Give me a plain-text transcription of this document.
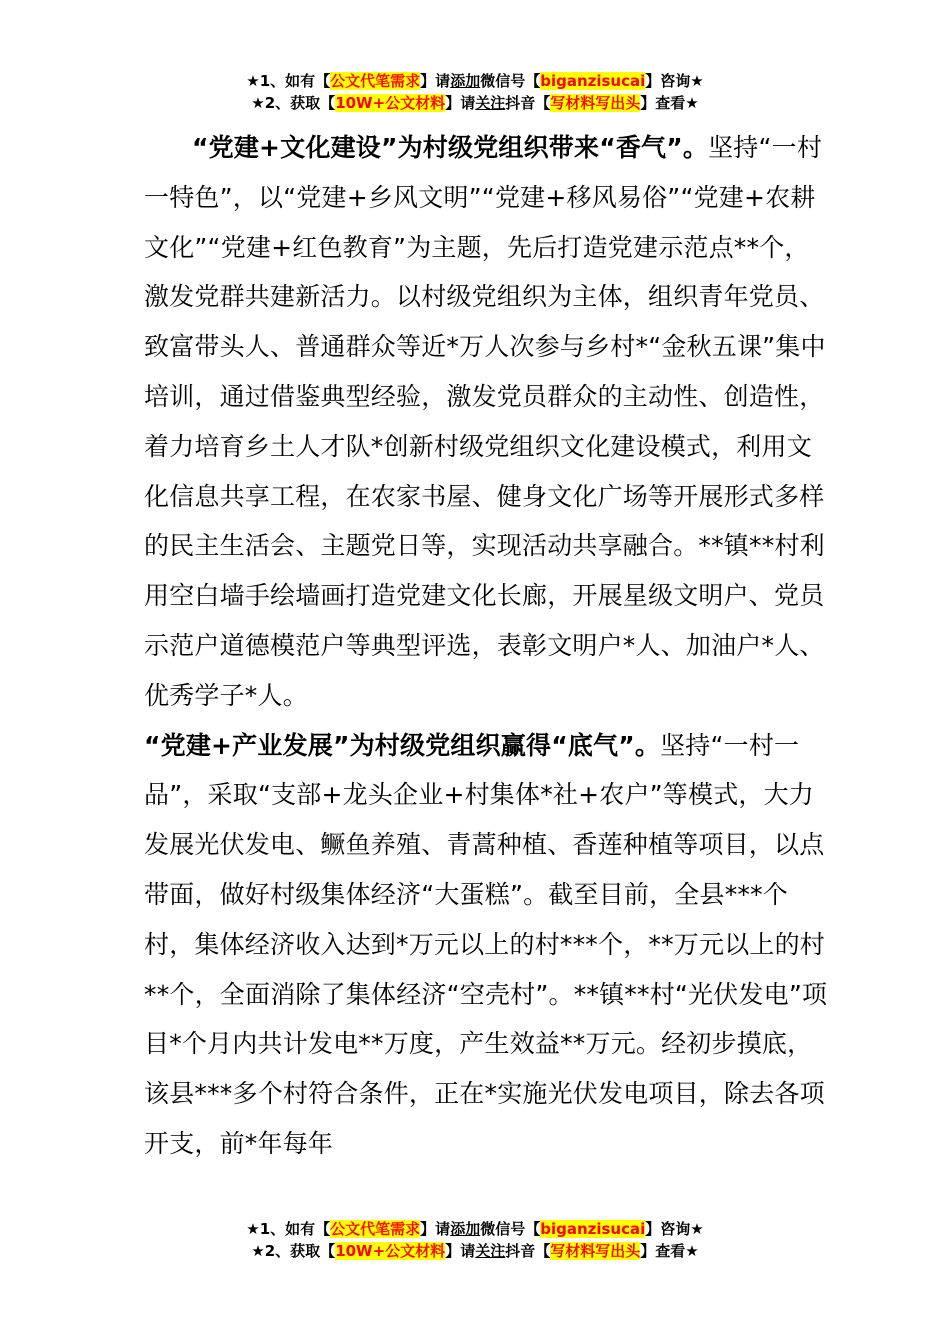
★1、如有【公文代笔需求】请添加微信号【biganzisucai】咨询★
★2、获取【10W+公文材料】请关注抖音【写材料写出头】查看★

“党建+文化建设”为村级党组织带来“香气”。坚持“一村一特色”，以“党建+乡风文明”“党建+移风易俗”“党建+农耕文化”“党建+红色教育”为主题，先后打造党建示范点**个，激发党群共建新活力。以村级党组织为主体，组织青年党员、致富带头人、普通群众等近*万人次参与乡村*“金秋五课”集中培训，通过借鉴典型经验，激发党员群众的主动性、创造性，着力培育乡土人才队*创新村级党组织文化建设模式，利用文化信息共享工程，在农家书屋、健身文化广场等开展形式多样的民主生活会、主题党日等，实现活动共享融合。**镇**村利用空白墙手绘墙画打造党建文化长廊，开展星级文明户、党员示范户道德模范户等典型评选，表彰文明户*人、加油户*人、优秀学子*人。

“党建+产业发展”为村级党组织赢得“底气”。坚持“一村一品”，采取“支部+龙头企业+村集体*社+农户”等模式，大力发展光伏发电、鳜鱼养殖、青蒿种植、香莲种植等项目，以点带面，做好村级集体经济“大蛋糕”。截至目前，全县***个村，集体经济收入达到*万元以上的村***个，**万元以上的村**个，全面消除了集体经济“空壳村”。**镇**村“光伏发电”项目*个月内共计发电**万度，产生效益**万元。经初步摸底，该县***多个村符合条件，正在*实施光伏发电项目，除去各项开支，前*年每年

★1、如有【公文代笔需求】请添加微信号【biganzisucai】咨询★
★2、获取【10W+公文材料】请关注抖音【写材料写出头】查看★
